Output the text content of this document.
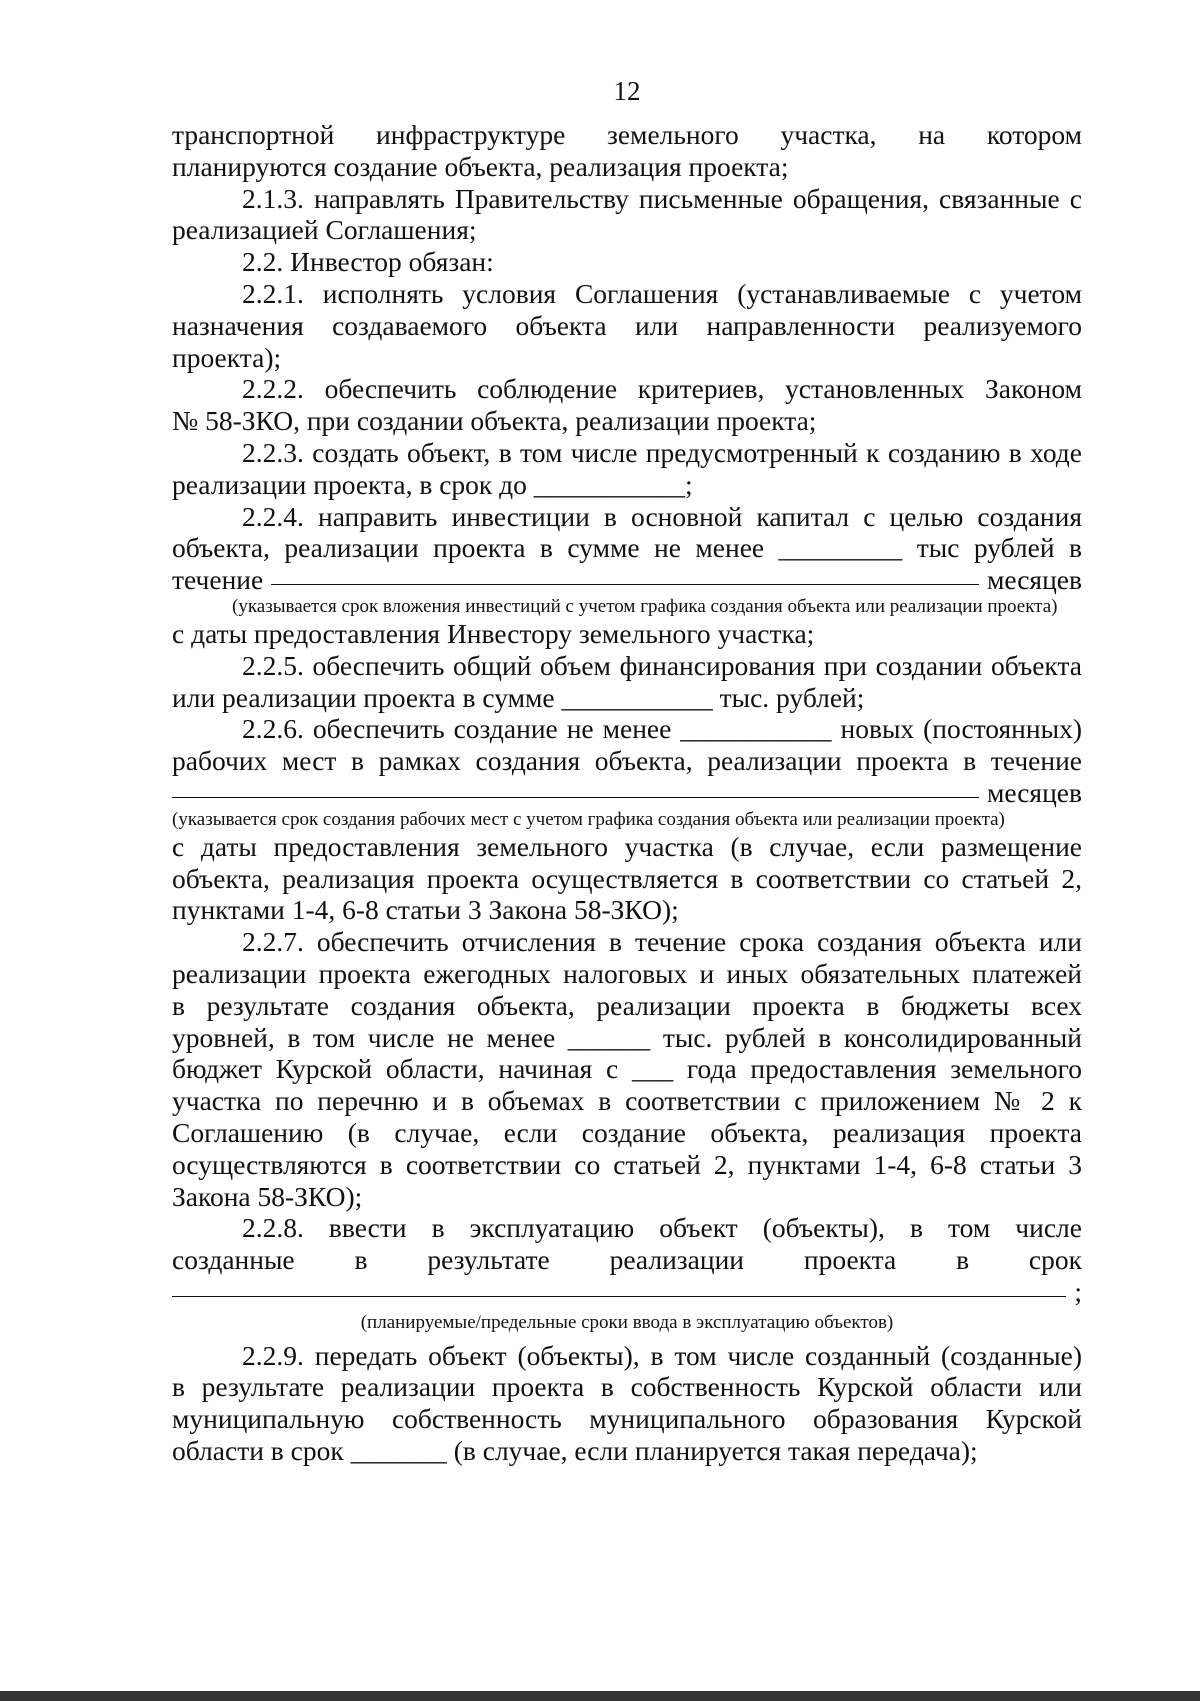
12

транспортной инфраструктуре земельного участка, на котором

планируются создание объекта, реализация проекта;

2.1.3. направлять Правительству письменные обращения, связанные с

реализацией Соглашения;

2.2. Инвестор обязан:

2.2.1. исполнять условия Соглашения (устанавливаемые с учетом

назначения создаваемого объекта или направленности реализуемого

проекта);

2.2.2. обеспечить соблюдение критериев, установленных Законом

№ 58-ЗКО, при создании объекта, реализации проекта;

2.2.3. создать объект, в том числе предусмотренный к созданию в ходе

реализации проекта, в срок до ___________;

2.2.4. направить инвестиции в основной капитал с целью создания

объекта, реализации проекта в сумме не менее _________ тыс рублей в

течение	месяцев

(указывается срок вложения инвестиций с учетом графика создания объекта или реализации проекта)

с даты предоставления Инвестору земельного участка;

2.2.5. обеспечить общий объем финансирования при создании объекта

или реализации проекта в сумме ___________ тыс. рублей;

2.2.6. обеспечить создание не менее ___________ новых (постоянных)

рабочих мест в рамках создания объекта, реализации проекта в течение

месяцев

(указывается срок создания рабочих мест с учетом графика создания объекта или реализации проекта)

с даты предоставления земельного участка (в случае, если размещение

объекта, реализация проекта осуществляется в соответствии со статьей 2,

пунктами 1-4, 6-8 статьи 3 Закона 58-ЗКО);

2.2.7. обеспечить отчисления в течение срока создания объекта или

реализации проекта ежегодных налоговых и иных обязательных платежей

в результате создания объекта, реализации проекта в бюджеты всех

уровней, в том числе не менее ______ тыс. рублей в консолидированный

бюджет Курской области, начиная с ___ года предоставления земельного

участка по перечню и в объемах в соответствии с приложением № 2 к

Соглашению (в случае, если создание объекта, реализация проекта

осуществляются в соответствии со статьей 2, пунктами 1-4, 6-8 статьи 3

Закона 58-ЗКО);

2.2.8. ввести в эксплуатацию объект (объекты), в том числе

созданные в результате реализации проекта в срок

;
(планируемые/предельные сроки ввода в эксплуатацию объектов)

2.2.9. передать объект (объекты), в том числе созданный (созданные)

в результате реализации проекта в собственность Курской области или

муниципальную собственность муниципального образования Курской

области в срок _______ (в случае, если планируется такая передача);
